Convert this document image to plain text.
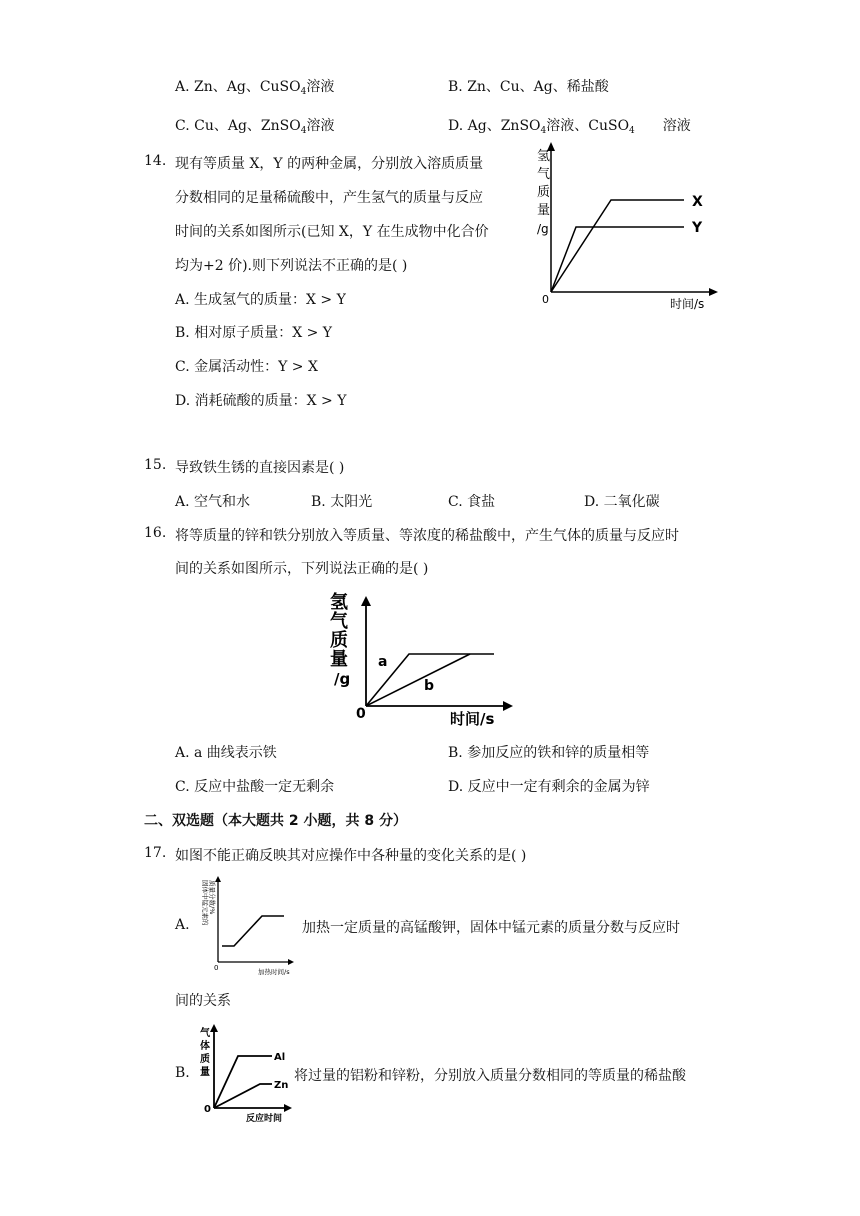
A. Zn、Ag、CuSO$_4$溶液	B. Zn、Cu、Ag、稀盐酸
C. Cu、Ag、ZnSO$_4$溶液	D. Ag、ZnSO$_4$溶液、CuSO$_4$ 溶液
14. 现有等质量 X，Y 的两种金属，分别放入溶质质量
分数相同的足量稀硫酸中，产生氢气的质量与反应
时间的关系如图所示(已知 X，Y 在生成物中化合价
均为+2 价).则下列说法不正确的是( )
A. 生成氢气的质量：X > Y
B. 相对原子质量：X > Y
C. 金属活动性：Y > X
D. 消耗硫酸的质量：X > Y
氢
气
质
量
/g
0	时间/s
X
Y
15. 导致铁生锈的直接因素是( )
A. 空气和水	B. 太阳光	C. 食盐	D. 二氧化碳
16. 将等质量的锌和铁分别放入等质量、等浓度的稀盐酸中，产生气体的质量与反应时
间的关系如图所示，下列说法正确的是( )
氢
气
质
量
/g
0	时间/s
a
b
A. a 曲线表示铁	B. 参加反应的铁和锌的质量相等
C. 反应中盐酸一定无剩余	D. 反应中一定有剩余的金属为锌
二、双选题（本大题共 2 小题，共 8 分）
17. 如图不能正确反映其对应操作中各种量的变化关系的是( )
A. 固体中锰元素的 质量分数/%
0	加热时间/s
加热一定质量的高锰酸钾，固体中锰元素的质量分数与反应时
间的关系
B.
气
体
质
量
0
反应时间
Al
Zn
将过量的铝粉和锌粉，分别放入质量分数相同的等质量的稀盐酸
